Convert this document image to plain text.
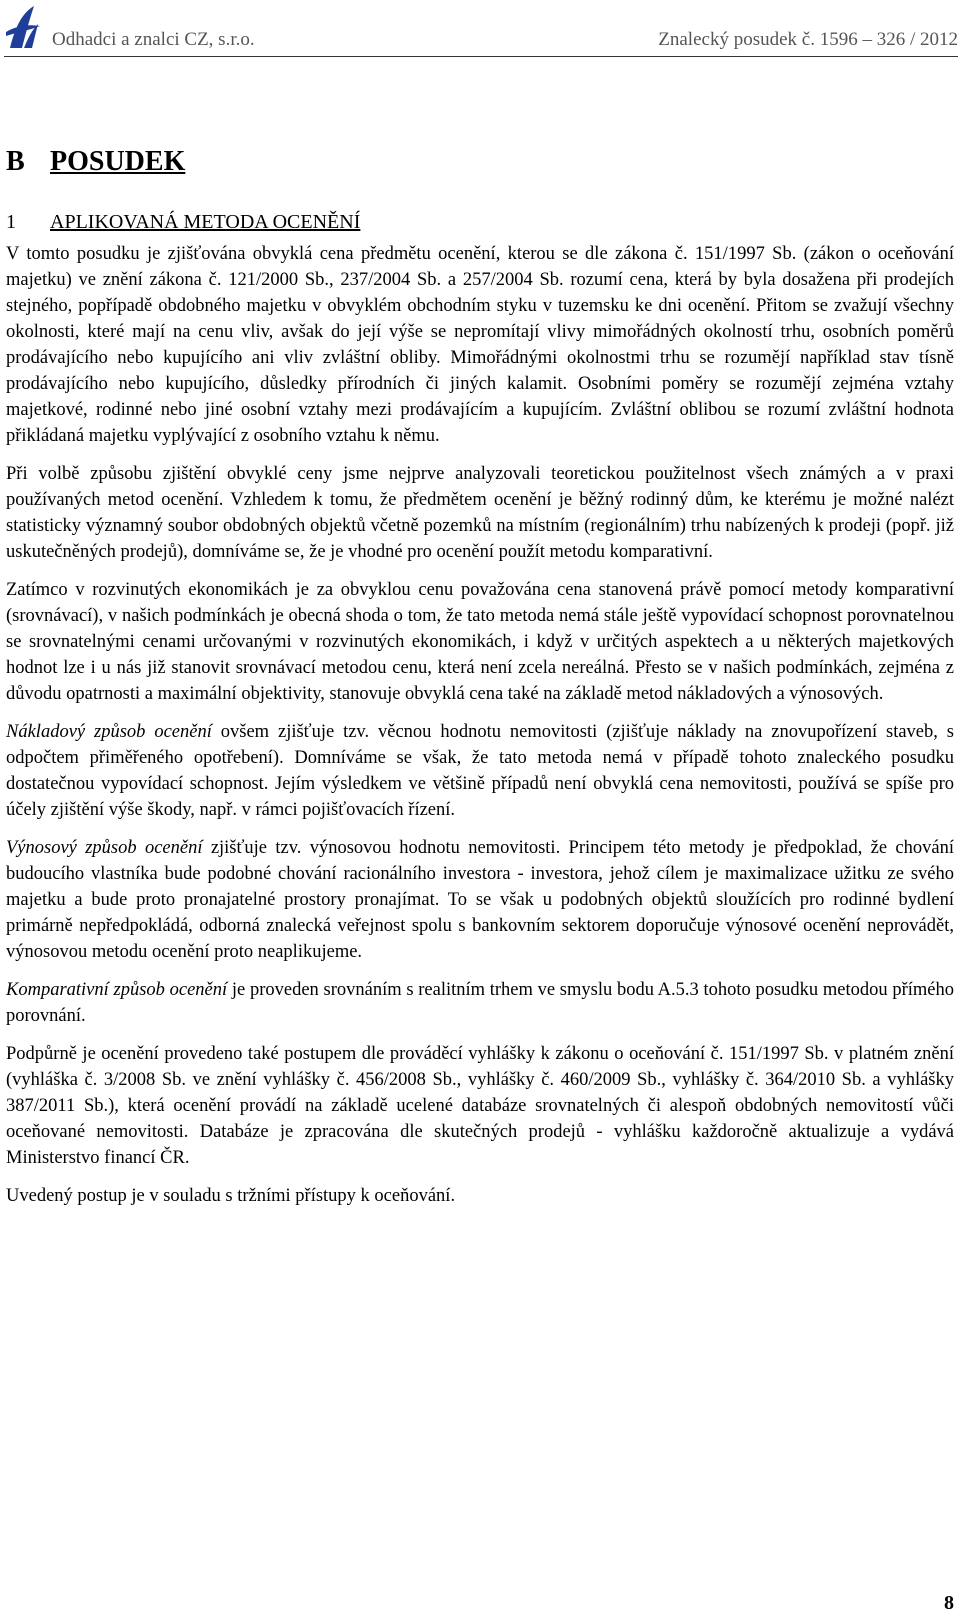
Odhadci a znalci CZ, s.r.o.	Znalecký posudek č. 1596 – 326 / 2012
B POSUDEK
1	APLIKOVANÁ METODA OCENĚNÍ

V tomto posudku je zjišťována obvyklá cena předmětu ocenění, kterou se dle zákona č. 151/1997 Sb. (zákon o oceňování majetku) ve znění zákona č. 121/2000 Sb., 237/2004 Sb. a 257/2004 Sb. rozumí cena, která by byla dosažena při prodejích stejného, popřípadě obdobného majetku v obvyklém obchodním styku v tuzemsku ke dni ocenění. Přitom se zvažují všechny okolnosti, které mají na cenu vliv, avšak do její výše se nepromítají vlivy mimořádných okolností trhu, osobních poměrů prodávajícího nebo kupujícího ani vliv zvláštní obliby. Mimořádnými okolnostmi trhu se rozumějí například stav tísně prodávajícího nebo kupujícího, důsledky přírodních či jiných kalamit. Osobními poměry se rozumějí zejména vztahy majetkové, rodinné nebo jiné osobní vztahy mezi prodávajícím a kupujícím. Zvláštní oblibou se rozumí zvláštní hodnota přikládaná majetku vyplývající z osobního vztahu k němu.

Při volbě způsobu zjištění obvyklé ceny jsme nejprve analyzovali teoretickou použitelnost všech známých a v praxi používaných metod ocenění. Vzhledem k tomu, že předmětem ocenění je běžný rodinný dům, ke kterému je možné nalézt statisticky významný soubor obdobných objektů včetně pozemků na místním (regionálním) trhu nabízených k prodeji (popř. již uskutečněných prodejů), domníváme se, že je vhodné pro ocenění použít metodu komparativní.

Zatímco v rozvinutých ekonomikách je za obvyklou cenu považována cena stanovená právě pomocí metody komparativní (srovnávací), v našich podmínkách je obecná shoda o tom, že tato metoda nemá stále ještě vypovídací schopnost porovnatelnou se srovnatelnými cenami určovanými v rozvinutých ekonomikách, i když v určitých aspektech a u některých majetkových hodnot lze i u nás již stanovit srovnávací metodou cenu, která není zcela nereálná. Přesto se v našich podmínkách, zejména z důvodu opatrnosti a maximální objektivity, stanovuje obvyklá cena také na základě metod nákladových a výnosových.

Nákladový způsob ocenění ovšem zjišťuje tzv. věcnou hodnotu nemovitosti (zjišťuje náklady na znovupořízení staveb, s odpočtem přiměřeného opotřebení). Domníváme se však, že tato metoda nemá v případě tohoto znaleckého posudku dostatečnou vypovídací schopnost. Jejím výsledkem ve většině případů není obvyklá cena nemovitosti, používá se spíše pro účely zjištění výše škody, např. v rámci pojišťovacích řízení.

Výnosový způsob ocenění zjišťuje tzv. výnosovou hodnotu nemovitosti. Principem této metody je předpoklad, že chování budoucího vlastníka bude podobné chování racionálního investora - investora, jehož cílem je maximalizace užitku ze svého majetku a bude proto pronajatelné prostory pronajímat. To se však u podobných objektů sloužících pro rodinné bydlení primárně nepředpokládá, odborná znalecká veřejnost spolu s bankovním sektorem doporučuje výnosové ocenění neprovádět, výnosovou metodu ocenění proto neaplikujeme.

Komparativní způsob ocenění je proveden srovnáním s realitním trhem ve smyslu bodu A.5.3 tohoto posudku metodou přímého porovnání.

Podpůrně je ocenění provedeno také postupem dle prováděcí vyhlášky k zákonu o oceňování č. 151/1997 Sb. v platném znění (vyhláška č. 3/2008 Sb. ve znění vyhlášky č. 456/2008 Sb., vyhlášky č. 460/2009 Sb., vyhlášky č. 364/2010 Sb. a vyhlášky 387/2011 Sb.), která ocenění provádí na základě ucelené databáze srovnatelných či alespoň obdobných nemovitostí vůči oceňované nemovitosti. Databáze je zpracována dle skutečných prodejů - vyhlášku každoročně aktualizuje a vydává Ministerstvo financí ČR.

Uvedený postup je v souladu s tržními přístupy k oceňování.

8
